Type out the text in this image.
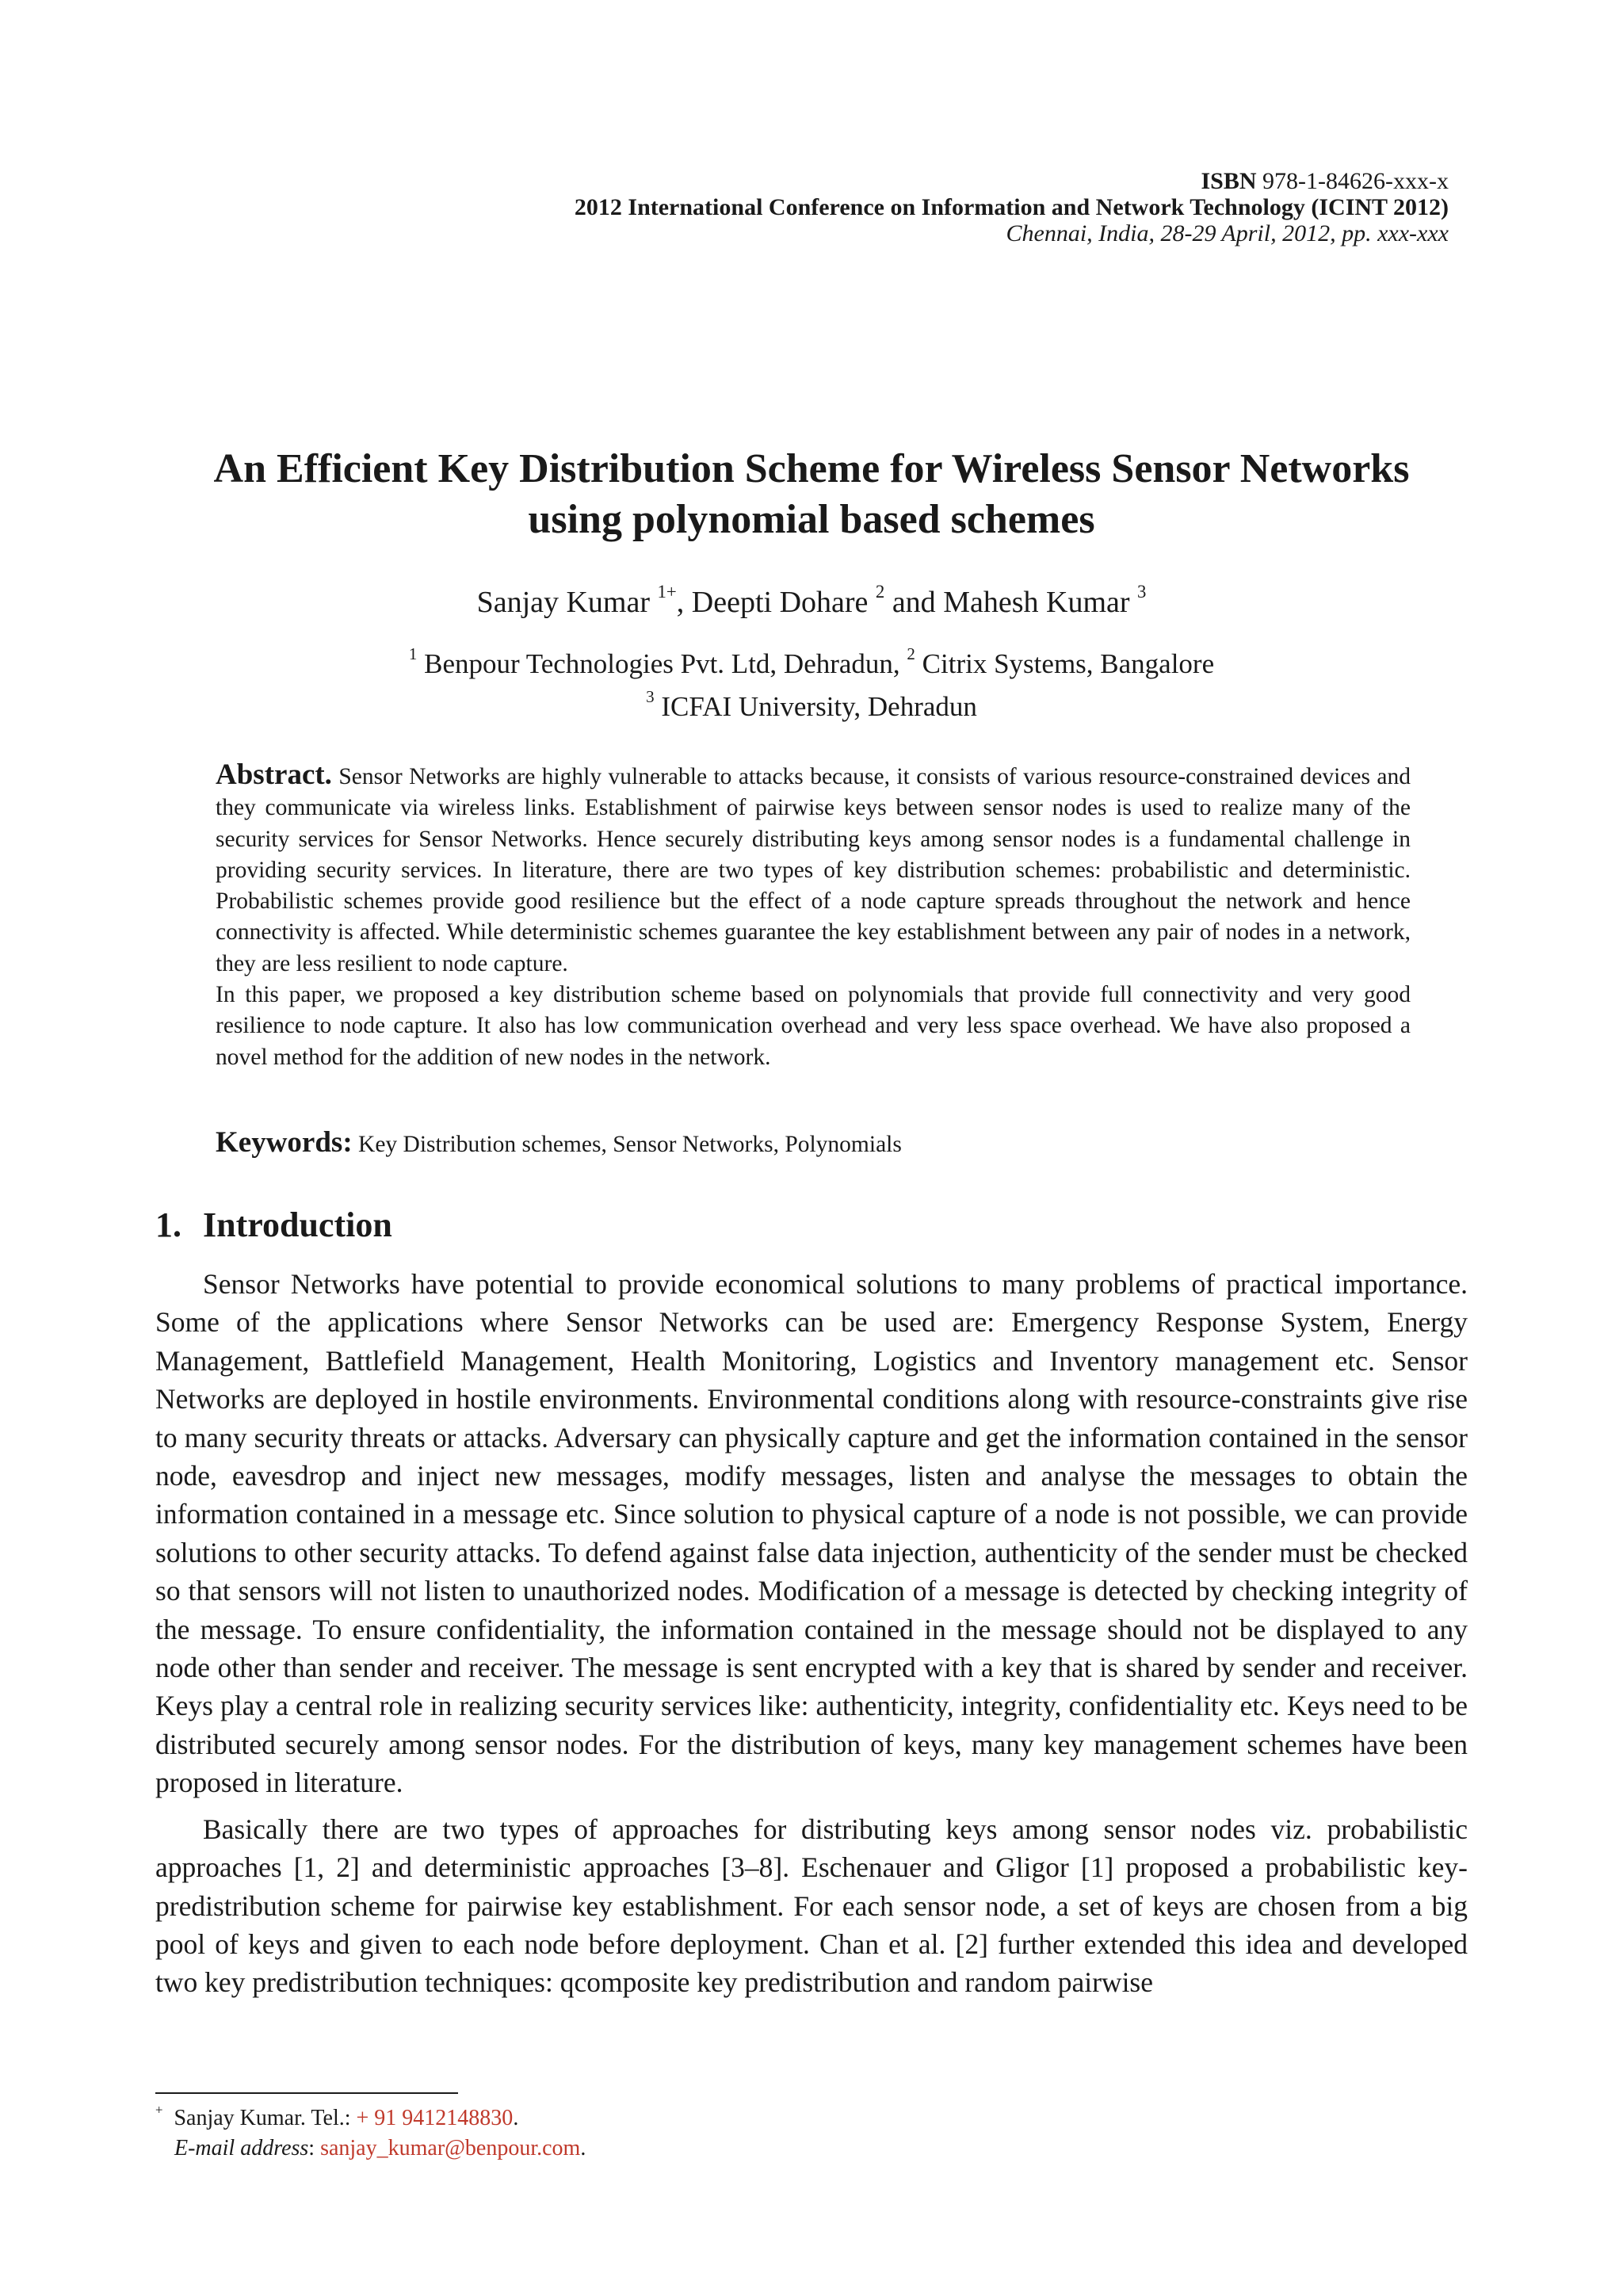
ISBN 978-1-84626-xxx-x
2012 International Conference on Information and Network Technology (ICINT 2012)
Chennai, India, 28-29 April, 2012, pp. xxx-xxx
An Efficient Key Distribution Scheme for Wireless Sensor Networks
using polynomial based schemes
Sanjay Kumar $^{1+}$, Deepti Dohare $^2$ and Mahesh Kumar $^3$
$^1$ Benpour Technologies Pvt. Ltd, Dehradun, $^2$ Citrix Systems, Bangalore
$^3$ ICFAI University, Dehradun

Abstract. Sensor Networks are highly vulnerable to attacks because, it consists of various resource-constrained devices and they communicate via wireless links. Establishment of pairwise keys between sensor nodes is used to realize many of the security services for Sensor Networks. Hence securely distributing keys among sensor nodes is a fundamental challenge in providing security services. In literature, there are two types of key distribution schemes: probabilistic and deterministic. Probabilistic schemes provide good resilience but the effect of a node capture spreads throughout the network and hence connectivity is affected. While deterministic schemes guarantee the key establishment between any pair of nodes in a network, they are less resilient to node capture.

In this paper, we proposed a key distribution scheme based on polynomials that provide full connectivity and very good resilience to node capture. It also has low communication overhead and very less space overhead. We have also proposed a novel method for the addition of new nodes in the network.

Keywords: Key Distribution schemes, Sensor Networks, Polynomials
1. Introduction

Sensor Networks have potential to provide economical solutions to many problems of practical importance. Some of the applications where Sensor Networks can be used are: Emergency Response System, Energy Management, Battlefield Management, Health Monitoring, Logistics and Inventory management etc. Sensor Networks are deployed in hostile environments. Environmental conditions along with resource-constraints give rise to many security threats or attacks. Adversary can physically capture and get the information contained in the sensor node, eavesdrop and inject new messages, modify messages, listen and analyse the messages to obtain the information contained in a message etc. Since solution to physical capture of a node is not possible, we can provide solutions to other security attacks. To defend against false data injection, authenticity of the sender must be checked so that sensors will not listen to unauthorized nodes. Modification of a message is detected by checking integrity of the message. To ensure confidentiality, the information contained in the message should not be displayed to any node other than sender and receiver. The message is sent encrypted with a key that is shared by sender and receiver. Keys play a central role in realizing security services like: authenticity, integrity, confidentiality etc. Keys need to be distributed securely among sensor nodes. For the distribution of keys, many key management schemes have been proposed in literature.

Basically there are two types of approaches for distributing keys among sensor nodes viz. probabilistic approaches [1, 2] and deterministic approaches [3–8]. Eschenauer and Gligor [1] proposed a probabilistic key-predistribution scheme for pairwise key establishment. For each sensor node, a set of keys are chosen from a big pool of keys and given to each node before deployment. Chan et al. [2] further extended this idea and developed two key predistribution techniques: qcomposite key predistribution and random pairwise

+ Sanjay Kumar. Tel.: + 91 9412148830.
E-mail address: sanjay_kumar@benpour.com.
